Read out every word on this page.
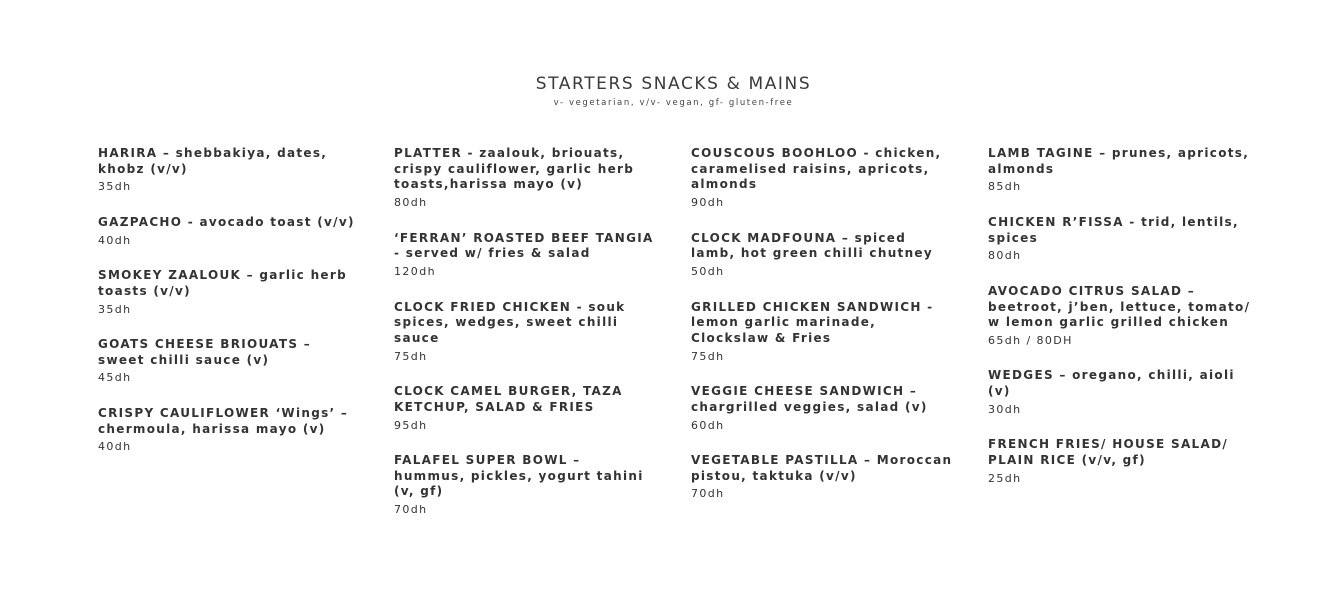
STARTERS SNACKS & MAINS
v- vegetarian, v/v- vegan, gf- gluten-free
HARIRA – shebbakiya, dates, khobz (v/v)
35dh
GAZPACHO - avocado toast (v/v)
40dh
SMOKEY ZAALOUK – garlic herb toasts (v/v)
35dh
GOATS CHEESE BRIOUATS – sweet chilli sauce (v)
45dh
CRISPY CAULIFLOWER ‘Wings’ – chermoula, harissa mayo (v)
40dh
PLATTER - zaalouk, briouats, crispy cauliflower, garlic herb toasts,harissa mayo (v)
80dh
‘FERRAN’ ROASTED BEEF TANGIA - served w/ fries & salad
120dh
CLOCK FRIED CHICKEN - souk spices, wedges, sweet chilli sauce
75dh
CLOCK CAMEL BURGER, TAZA KETCHUP, SALAD & FRIES
95dh
FALAFEL SUPER BOWL – hummus, pickles, yogurt tahini (v, gf)
70dh
COUSCOUS BOOHLOO - chicken, caramelised raisins, apricots, almonds
90dh
CLOCK MADFOUNA – spiced lamb, hot green chilli chutney
50dh
GRILLED CHICKEN SANDWICH - lemon garlic marinade, Clockslaw & Fries
75dh
VEGGIE CHEESE SANDWICH – chargrilled veggies, salad (v)
60dh
VEGETABLE PASTILLA – Moroccan pistou, taktuka (v/v)
70dh
LAMB TAGINE – prunes, apricots, almonds
85dh
CHICKEN R’FISSA - trid, lentils, spices
80dh
AVOCADO CITRUS SALAD – beetroot, j’ben, lettuce, tomato/ w lemon garlic grilled chicken
65dh / 80DH
WEDGES – oregano, chilli, aioli (v)
30dh
FRENCH FRIES/ HOUSE SALAD/ PLAIN RICE (v/v, gf)
25dh
